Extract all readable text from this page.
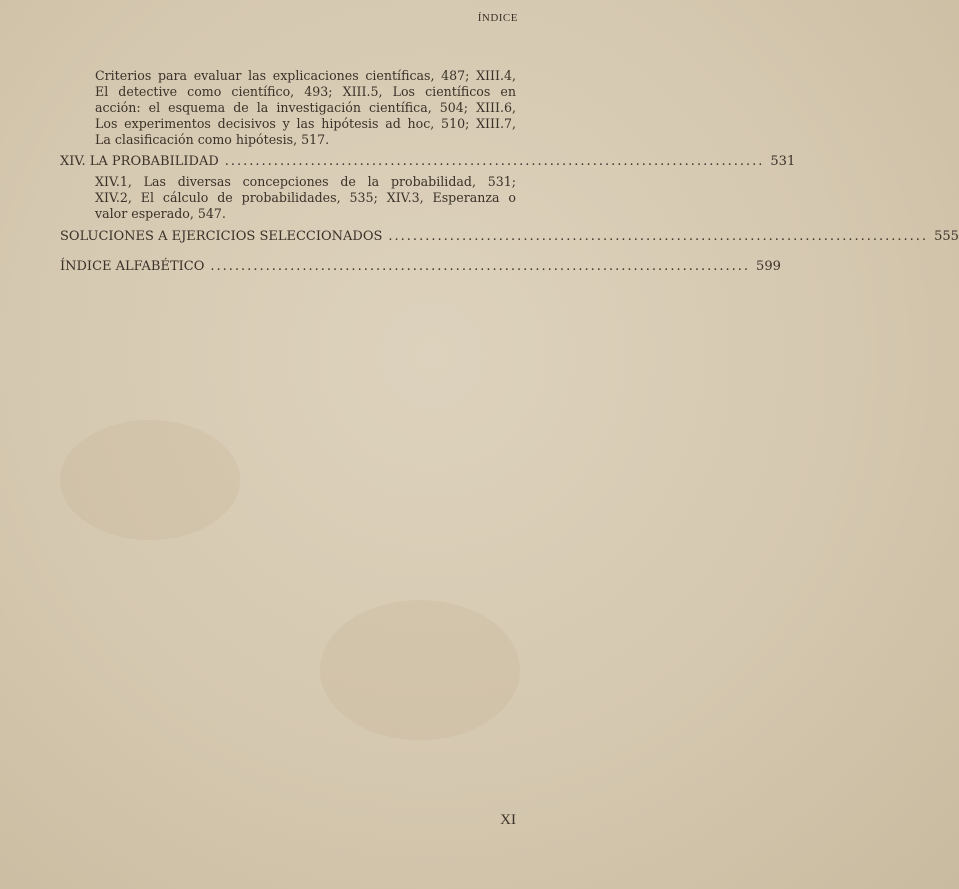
ÍNDICE
Criterios para evaluar las explicaciones científicas, 487; XIII.4,
El detective como científico, 493; XIII.5, Los científicos en
acción: el esquema de la investigación científica, 504; XIII.6,
Los experimentos decisivos y las hipótesis ad hoc, 510; XIII.7,
La clasificación como hipótesis, 517.
XIV. LA PROBABILIDAD ........................................................................................ 531
XIV.1, Las diversas concepciones de la probabilidad, 531;
XIV.2, El cálculo de probabilidades, 535; XIV.3, Esperanza o
valor esperado, 547.
SOLUCIONES A EJERCICIOS SELECCIONADOS ........................................................................................ 555
ÍNDICE ALFABÉTICO ........................................................................................ 599
XI
